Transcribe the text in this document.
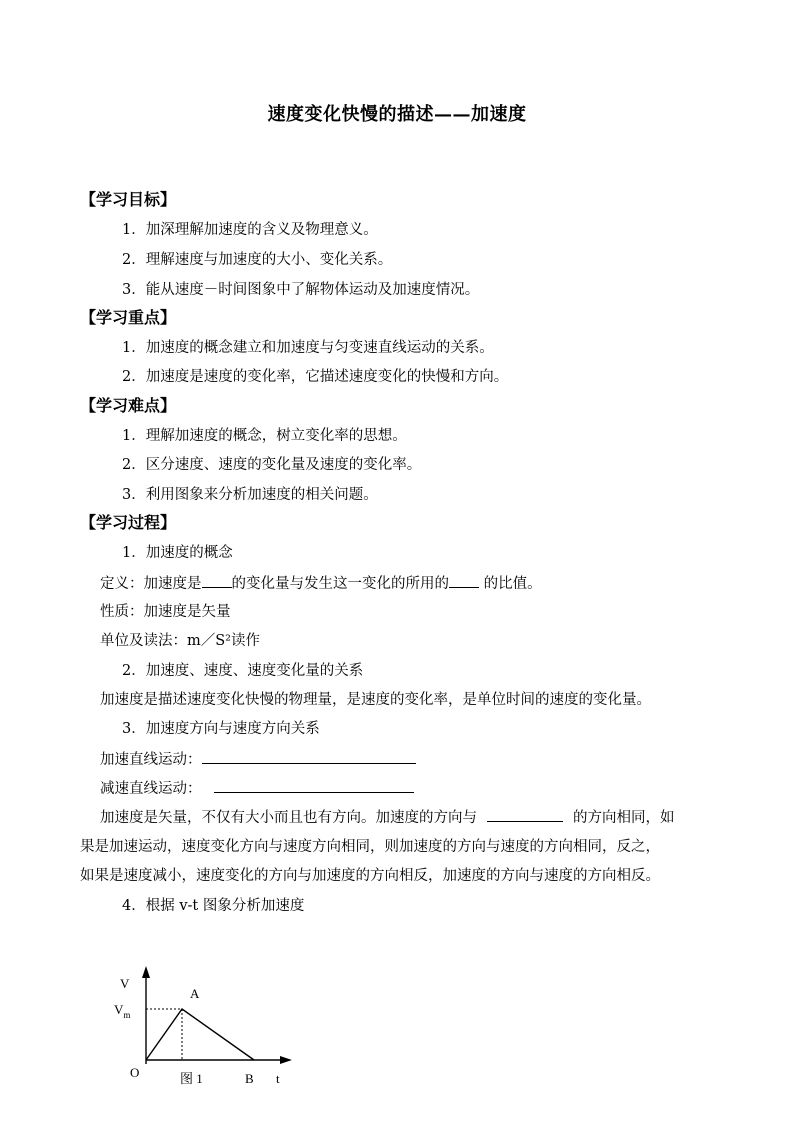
速度变化快慢的描述——加速度
【学习目标】
1．加深理解加速度的含义及物理意义。
2．理解速度与加速度的大小、变化关系。
3．能从速度－时间图象中了解物体运动及加速度情况。
【学习重点】
1．加速度的概念建立和加速度与匀变速直线运动的关系。
2．加速度是速度的变化率，它描述速度变化的快慢和方向。
【学习难点】
1．理解加速度的概念，树立变化率的思想。
2．区分速度、速度的变化量及速度的变化率。
3．利用图象来分析加速度的相关问题。
【学习过程】
1．加速度的概念
定义：加速度是 的变化量与发生这一变化的所用的 的比值。
性质：加速度是矢量
单位及读法：m／S²读作
2．加速度、速度、速度变化量的关系
加速度是描述速度变化快慢的物理量，是速度的变化率，是单位时间的速度的变化量。
3．加速度方向与速度方向关系
加速直线运动：
减速直线运动：
加速度是矢量，不仅有大小而且也有方向。加速度的方向与	的方向相同，如
果是加速运动，速度变化方向与速度方向相同，则加速度的方向与速度的方向相同，反之，
如果是速度减小，速度变化的方向与加速度的方向相反，加速度的方向与速度的方向相反。
4．根据 v-t 图象分析加速度
V
$V_m$
A
O	图 1	B t
